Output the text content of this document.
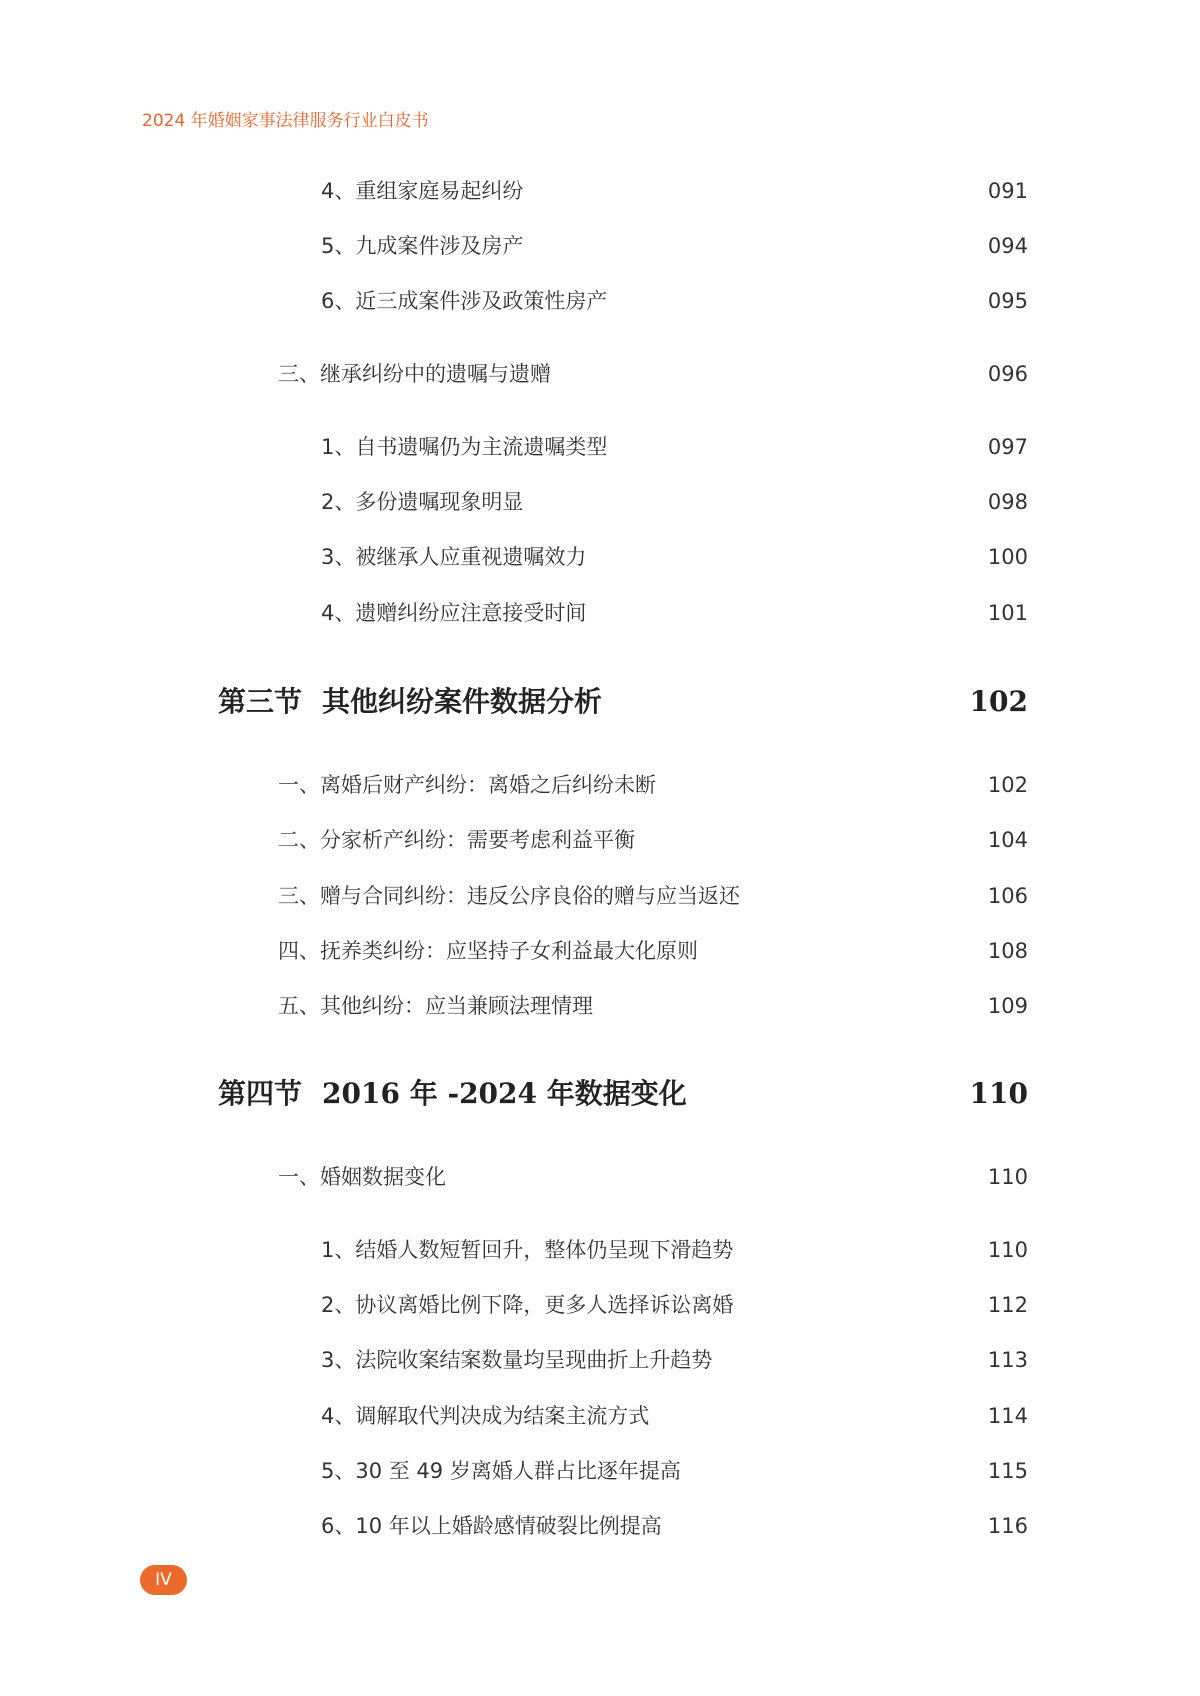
2024 年婚姻家事法律服务行业白皮书
4、重组家庭易起纠纷	091
5、九成案件涉及房产	094
6、近三成案件涉及政策性房产	095
三、继承纠纷中的遗嘱与遗赠	096
1、自书遗嘱仍为主流遗嘱类型	097
2、多份遗嘱现象明显	098
3、被继承人应重视遗嘱效力	100
4、遗赠纠纷应注意接受时间	101
第三节 其他纠纷案件数据分析	102
一、离婚后财产纠纷：离婚之后纠纷未断	102
二、分家析产纠纷：需要考虑利益平衡	104
三、赠与合同纠纷：违反公序良俗的赠与应当返还	106
四、抚养类纠纷：应坚持子女利益最大化原则	108
五、其他纠纷：应当兼顾法理情理	109
第四节 2016 年 -2024 年数据变化	110
一、婚姻数据变化	110
1、结婚人数短暂回升，整体仍呈现下滑趋势	110
2、协议离婚比例下降，更多人选择诉讼离婚	112
3、法院收案结案数量均呈现曲折上升趋势	113
4、调解取代判决成为结案主流方式	114
5、30 至 49 岁离婚人群占比逐年提高	115
6、10 年以上婚龄感情破裂比例提高	116
IV
